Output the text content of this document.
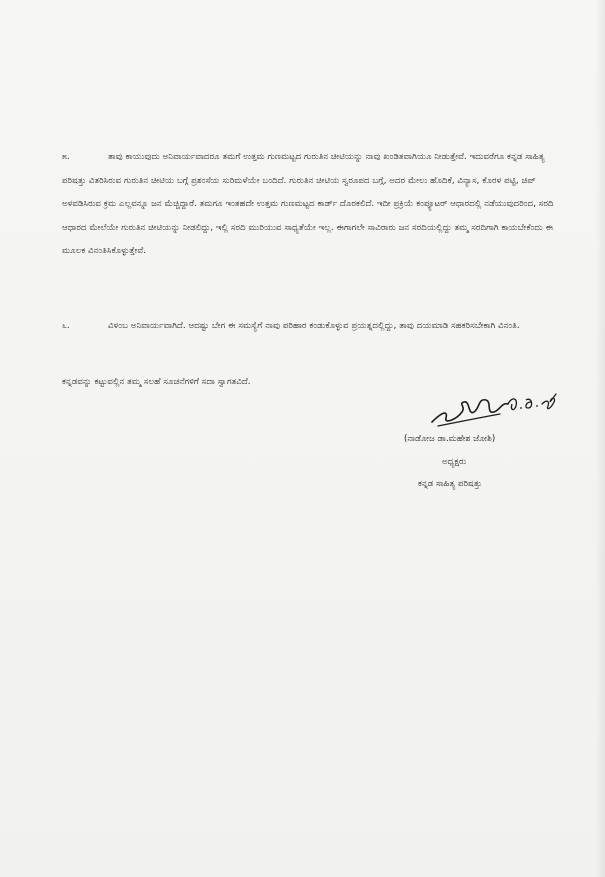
೫.	ತಾವು ಕಾಯುವುದು ಅನಿವಾರ್ಯವಾದರೂ ತಮಗೆ ಉತ್ತಮ ಗುಣಮಟ್ಟದ ಗುರುತಿನ ಚೀಟಿಯನ್ನು ನಾವು ಖಂಡಿತವಾಗಿಯೂ ನೀಡುತ್ತೇವೆ. ಇದುವರೆಗೂ ಕನ್ನಡ ಸಾಹಿತ್ಯ ಪರಿಷತ್ತು ವಿತರಿಸಿರುವ ಗುರುತಿನ ಚೀಟಿಯ ಬಗ್ಗೆ ಪ್ರಶಂಸೆಯ ಸುರಿಮಳೆಯೇ ಬಂದಿದೆ. ಗುರುತಿನ ಚೀಟಿಯ ಸ್ವರೂಪದ ಬಗ್ಗೆ, ಅದರ ಮೇಲು ಹೊದಿಕೆ, ವಿನ್ಯಾಸ, ಕೊರಳ ಪಟ್ಟಿ, ಚಿಪ್ ಅಳವಡಿಸಿರುವ ಕ್ರಮ ಎಲ್ಲವನ್ನೂ ಜನ ಮೆಚ್ಚಿದ್ದಾರೆ. ತಮಗೂ ಇಂತಹದೇ ಉತ್ತಮ ಗುಣಮಟ್ಟದ ಕಾರ್ಡ್ ದೊರಕಲಿದೆ. ಇದೀ ಪ್ರಕ್ರಿಯೆ ಕಂಪ್ಯೂಟರ್ ಆಧಾರದಲ್ಲಿ ನಡೆಯುವುದರಿಂದ, ಸರದಿ ಆಧಾರದ ಮೇಲೆಯೇ ಗುರುತಿನ ಚೀಟಿಯನ್ನು ನೀಡಲಿದ್ದು, ಇಲ್ಲಿ ಸರದಿ ಮುರಿಯುವ ಸಾಧ್ಯತೆಯೇ ಇಲ್ಲ. ಈಗಾಗಲೇ ಸಾವಿರಾರು ಜನ ಸರದಿಯಲ್ಲಿದ್ದು ತಮ್ಮ ಸರದಿಗಾಗಿ ಕಾಯಬೇಕೆಂದು ಈ ಮೂಲಕ ವಿನಂತಿಸಿಕೊಳ್ಳುತ್ತೇವೆ.
೬.	ವಿಳಂಬ ಅನಿವಾರ್ಯವಾಗಿದೆ. ಆದಷ್ಟು ಬೇಗ ಈ ಸಮಸ್ಯೆಗೆ ನಾವು ಪರಿಹಾರ ಕಂಡುಕೊಳ್ಳುವ ಪ್ರಯತ್ನದಲ್ಲಿದ್ದು, ತಾವು ದಯಮಾಡಿ ಸಹಕರಿಸಬೇಕಾಗಿ ವಿನಂತಿ.
ಕನ್ನಡವನ್ನು ಕಟ್ಟುವಲ್ಲಿನ ತಮ್ಮ ಸಲಹೆ ಸೂಚನೆಗಳಿಗೆ ಸದಾ ಸ್ವಾಗತವಿದೆ.	9.8.98
(ನಾಡೋಜ ಡಾ.ಮಹೇಶ ಜೋಶಿ)
ಅಧ್ಯಕ್ಷರು
ಕನ್ನಡ ಸಾಹಿತ್ಯ ಪರಿಷತ್ತು
